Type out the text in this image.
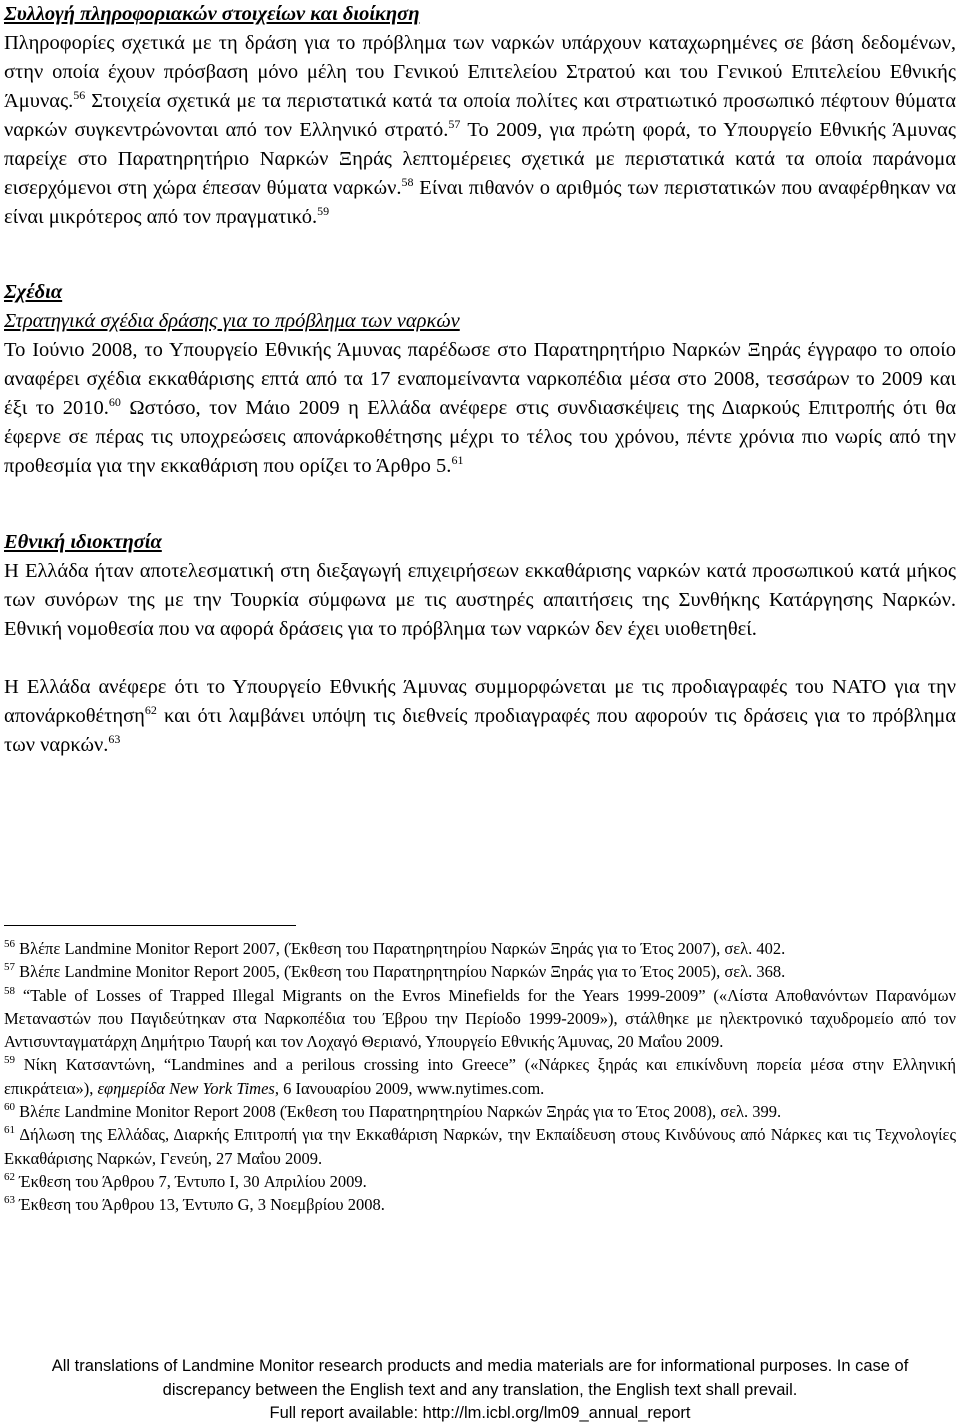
Συλλογή πληροφοριακών στοιχείων και διοίκηση

Πληροφορίες σχετικά με τη δράση για το πρόβλημα των ναρκών υπάρχουν καταχωρημένες σε βάση δεδομένων, στην οποία έχουν πρόσβαση μόνο μέλη του Γενικού Επιτελείου Στρατού και του Γενικού Επιτελείου Εθνικής Άμυνας.$^{56}$ Στοιχεία σχετικά με τα περιστατικά κατά τα οποία πολίτες και στρατιωτικό προσωπικό πέφτουν θύματα ναρκών συγκεντρώνονται από τον Ελληνικό στρατό.$^{57}$ Το 2009, για πρώτη φορά, το Υπουργείο Εθνικής Άμυνας παρείχε στο Παρατηρητήριο Ναρκών Ξηράς λεπτομέρειες σχετικά με περιστατικά κατά τα οποία παράνομα εισερχόμενοι στη χώρα έπεσαν θύματα ναρκών.$^{58}$ Είναι πιθανόν ο αριθμός των περιστατικών που αναφέρθηκαν να είναι μικρότερος από τον πραγματικό.$^{59}$

Σχέδια

Στρατηγικά σχέδια δράσης για το πρόβλημα των ναρκών

Το Ιούνιο 2008, το Υπουργείο Εθνικής Άμυνας παρέδωσε στο Παρατηρητήριο Ναρκών Ξηράς έγγραφο το οποίο αναφέρει σχέδια εκκαθάρισης επτά από τα 17 εναπομείναντα ναρκοπέδια μέσα στο 2008, τεσσάρων το 2009 και έξι το 2010.60 Ωστόσο, τον Μάιο 2009 η Ελλάδα ανέφερε στις συνδιασκέψεις της Διαρκούς Επιτροπής ότι θα έφερνε σε πέρας τις υποχρεώσεις απονάρκοθέτησης μέχρι το τέλος του χρόνου, πέντε χρόνια πιο νωρίς από την προθεσμία για την εκκαθάριση που ορίζει το Άρθρο 5.61

Εθνική ιδιοκτησία

Η Ελλάδα ήταν αποτελεσματική στη διεξαγωγή επιχειρήσεων εκκαθάρισης ναρκών κατά προσωπικού κατά μήκος των συνόρων της με την Τουρκία σύμφωνα με τις αυστηρές απαιτήσεις της Συνθήκης Κατάργησης Ναρκών. Εθνική νομοθεσία που να αφορά δράσεις για το πρόβλημα των ναρκών δεν έχει υιοθετηθεί.

Η Ελλάδα ανέφερε ότι το Υπουργείο Εθνικής Άμυνας συμμορφώνεται με τις προδιαγραφές του ΝΑΤΟ για την απονάρκοθέτηση$^{62}$ και ότι λαμβάνει υπόψη τις διεθνείς προδιαγραφές που αφορούν τις δράσεις για το πρόβλημα των ναρκών.$^{63}$

$^{56}$ Βλέπε Landmine Monitor Report 2007, (Έκθεση του Παρατηρητηρίου Ναρκών Ξηράς για το Έτος 2007), σελ. 402.

$^{57}$ Βλέπε Landmine Monitor Report 2005, (Έκθεση του Παρατηρητηρίου Ναρκών Ξηράς για το Έτος 2005), σελ. 368.

$^{58}$ “Table of Losses of Trapped Illegal Migrants on the Evros Minefields for the Years 1999-2009” («Λίστα Αποθανόντων Παρανόμων Μεταναστών που Παγιδεύτηκαν στα Ναρκοπέδια του Έβρου την Περίοδο 1999-2009»), στάλθηκε με ηλεκτρονικό ταχυδρομείο από τον Αντισυνταγματάρχη Δημήτριο Ταυρή και τον Λοχαγό Θεριανό, Υπουργείο Εθνικής Άμυνας, 20 Μαΐου 2009.

$^{59}$ Νίκη Κατσαντώνη, “Landmines and a perilous crossing into Greece” («Νάρκες ξηράς και επικίνδυνη πορεία μέσα στην Ελληνική επικράτεια»), εφημερίδα New York Times, 6 Ιανουαρίου 2009, www.nytimes.com.

$^{60}$ Βλέπε Landmine Monitor Report 2008 (Έκθεση του Παρατηρητηρίου Ναρκών Ξηράς για το Έτος 2008), σελ. 399.

$^{61}$ Δήλωση της Ελλάδας, Διαρκής Επιτροπή για την Εκκαθάριση Ναρκών, την Εκπαίδευση στους Κινδύνους από Νάρκες και τις Τεχνολογίες Εκκαθάρισης Ναρκών, Γενεύη, 27 Μαΐου 2009.

$^{62}$ Έκθεση του Άρθρου 7, Έντυπο I, 30 Απριλίου 2009.

$^{63}$ Έκθεση του Άρθρου 13, Έντυπο G, 3 Νοεμβρίου 2008.

All translations of Landmine Monitor research products and media materials are for informational purposes. In case of

discrepancy between the English text and any translation, the English text shall prevail.

Full report available: http://lm.icbl.org/lm09_annual_report
